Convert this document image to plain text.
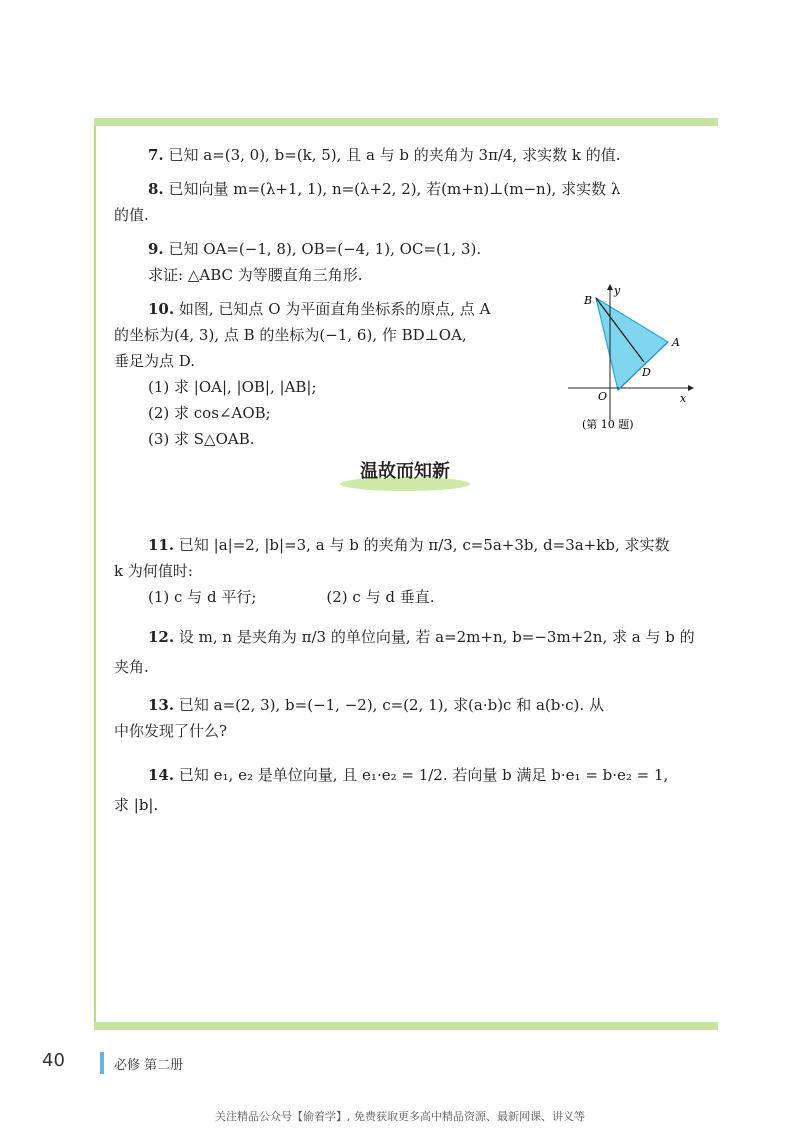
7. 已知 a=(3, 0), b=(k, 5), 且 a 与 b 的夹角为 3π/4, 求实数 k 的值.

8. 已知向量 m=(λ+1, 1), n=(λ+2, 2), 若(m+n)⊥(m−n), 求实数 λ

的值.

9. 已知 OA=(−1, 8), OB=(−4, 1), OC=(1, 3).

求证: △ABC 为等腰直角三角形.

10. 如图, 已知点 O 为平面直角坐标系的原点, 点 A

的坐标为(4, 3), 点 B 的坐标为(−1, 6), 作 BD⊥OA,

垂足为点 D.

(1) 求 |OA|, |OB|, |AB|;

(2) 求 cos∠AOB;

(3) 求 S△OAB.

B
y
A
D
O	x
(第 10 题)
温故而知新

11. 已知 |a|=2, |b|=3, a 与 b 的夹角为 π/3, c=5a+3b, d=3a+kb, 求实数

k 为何值时:

(1) c 与 d 平行;	(2) c 与 d 垂直.

12. 设 m, n 是夹角为 π/3 的单位向量, 若 a=2m+n, b=−3m+2n, 求 a 与 b 的

夹角.

13. 已知 a=(2, 3), b=(−1, −2), c=(2, 1), 求(a·b)c 和 a(b·c). 从

中你发现了什么?

14. 已知 e₁, e₂ 是单位向量, 且 e₁·e₂ = 1/2. 若向量 b 满足 b·e₁ = b·e₂ = 1,

求 |b|.

40	必修 第二册
关注精品公众号【偷着学】, 免费获取更多高中精品资源、最新网课、讲义等
